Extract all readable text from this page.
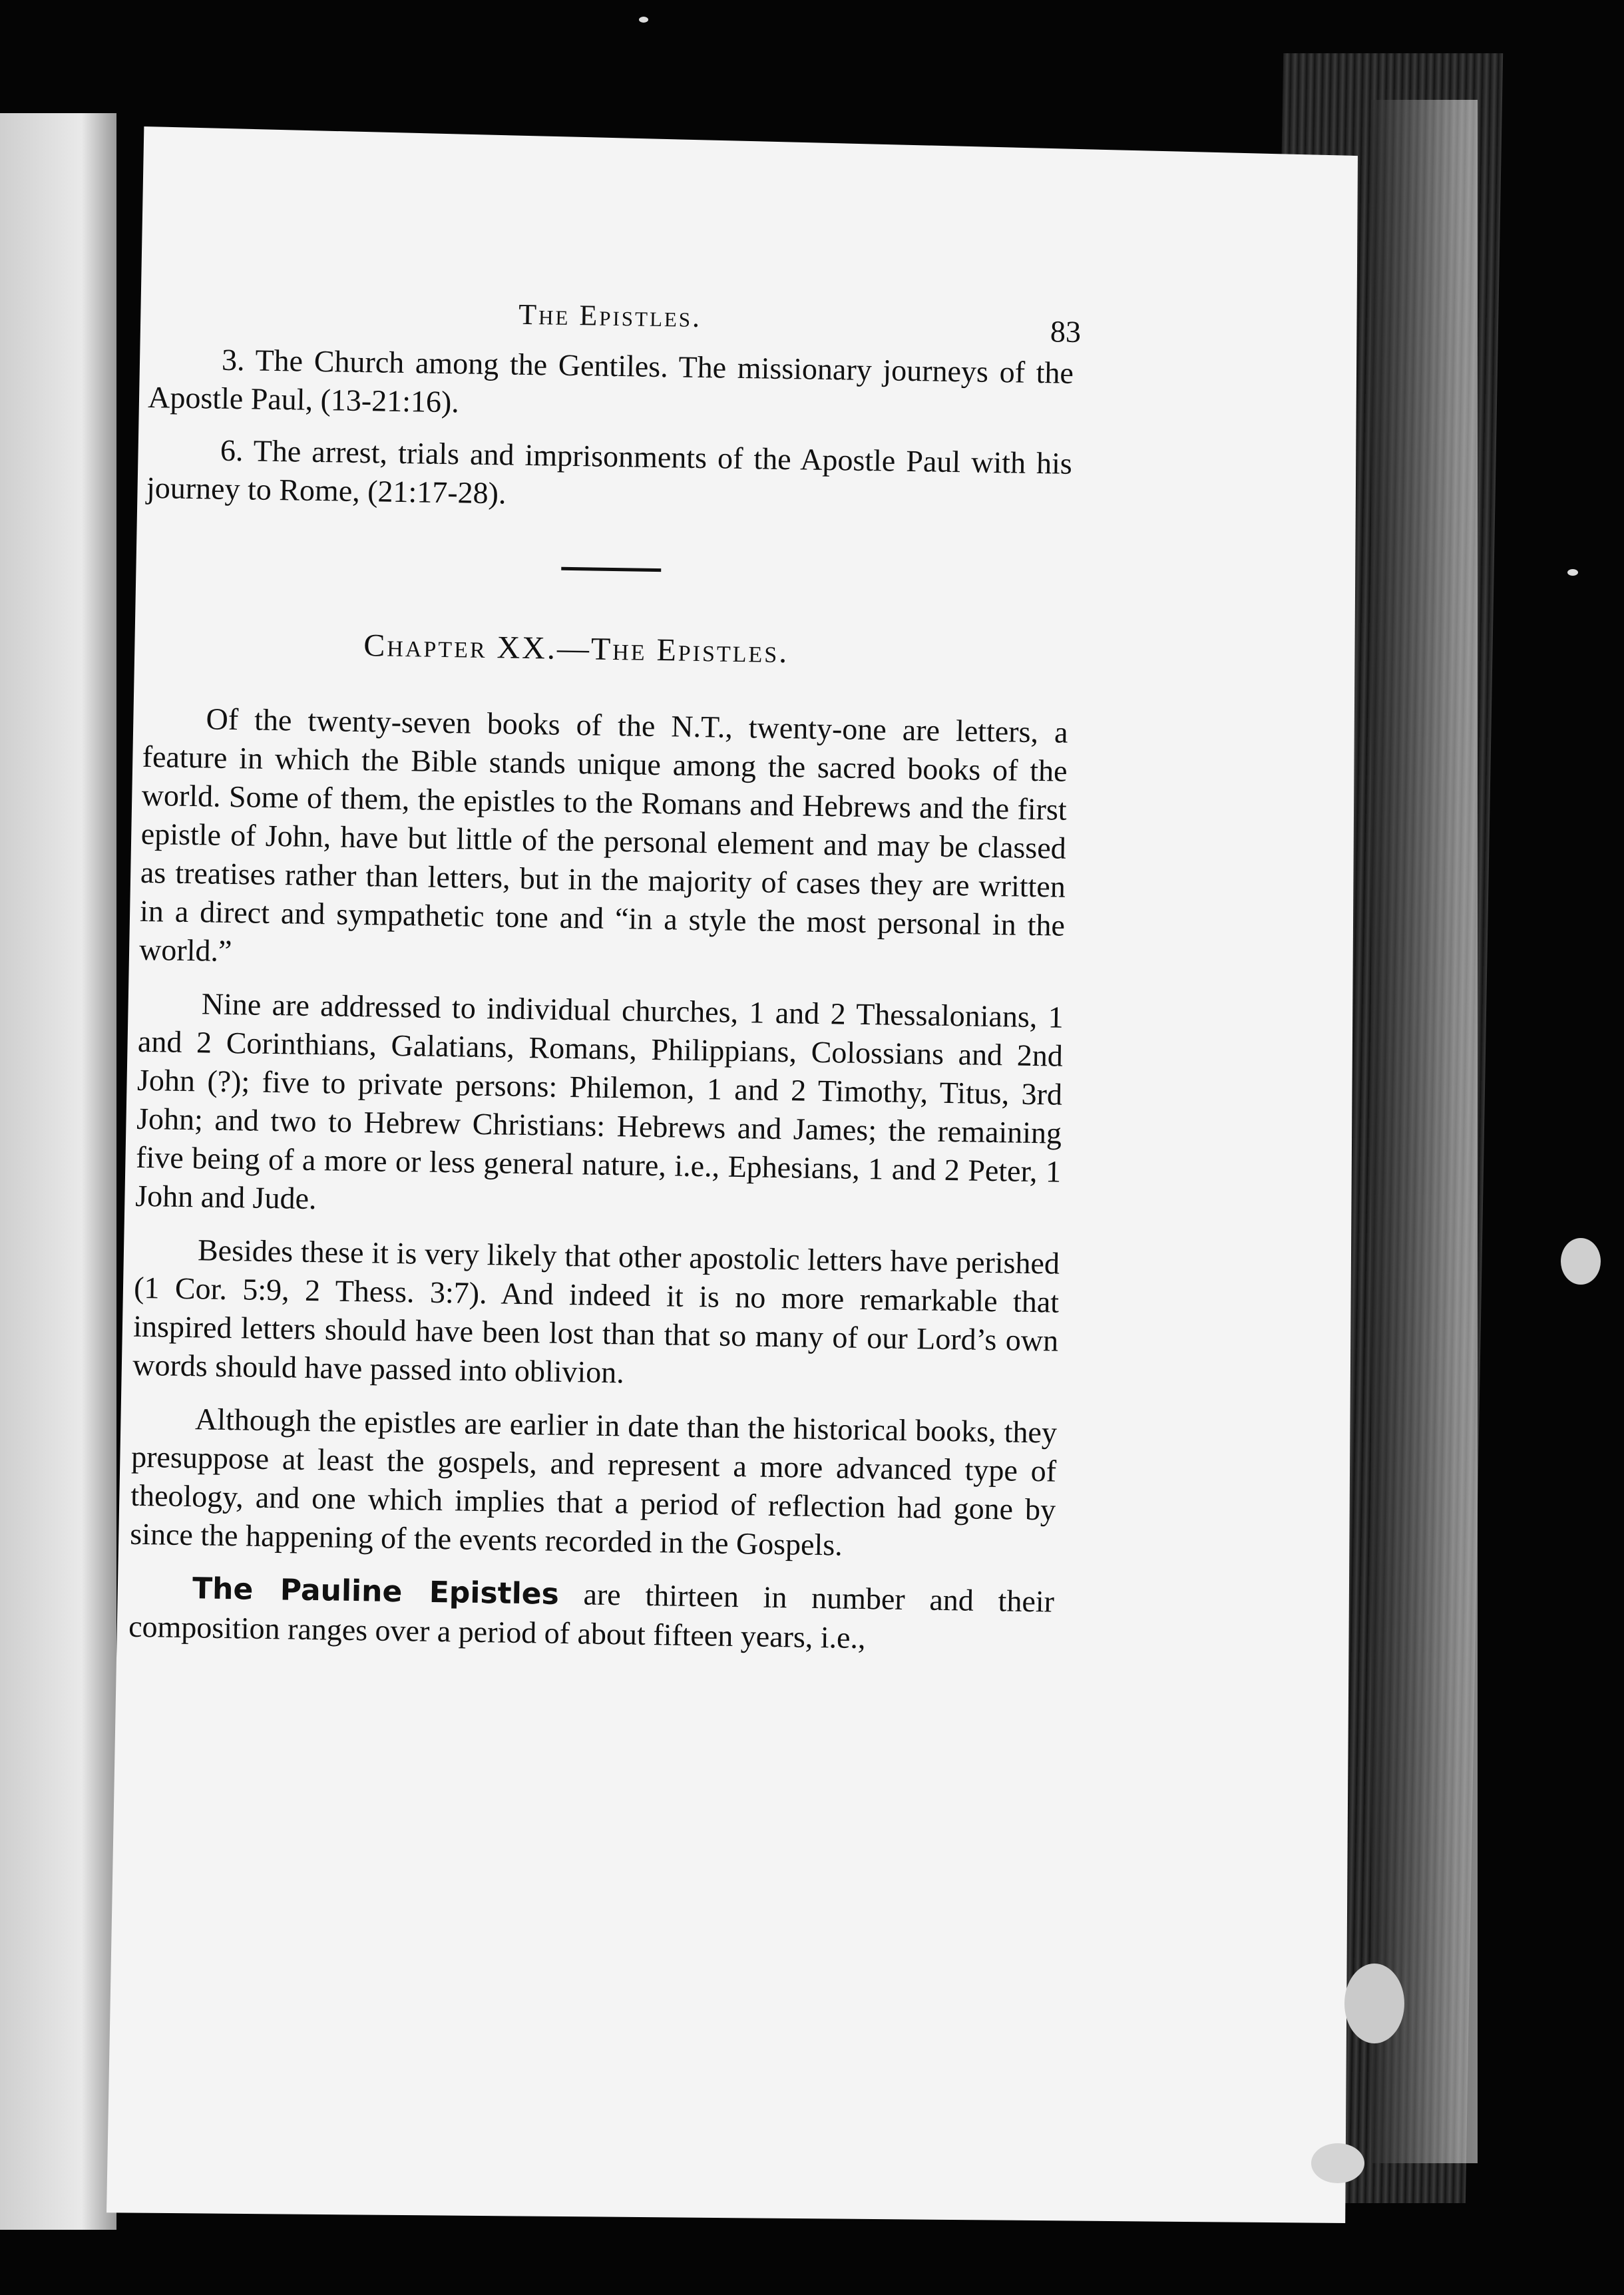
The Epistles.	83

3. The Church among the Gentiles. The missionary journeys of the Apostle Paul, (13-21:16).

6. The arrest, trials and imprisonments of the Apostle Paul with his journey to Rome, (21:17-28).

Chapter XX.—The Epistles.

Of the twenty-seven books of the N.T., twenty-one are letters, a feature in which the Bible stands unique among the sacred books of the world. Some of them, the epistles to the Romans and Hebrews and the first epistle of John, have but little of the personal element and may be classed as treatises rather than letters, but in the majority of cases they are written in a direct and sympathetic tone and “in a style the most personal in the world.”

Nine are addressed to individual churches, 1 and 2 Thessalonians, 1 and 2 Corinthians, Galatians, Romans, Philippians, Colossians and 2nd John (?); five to private persons: Philemon, 1 and 2 Timothy, Titus, 3rd John; and two to Hebrew Christians: Hebrews and James; the remaining five being of a more or less general nature, i.e., Ephesians, 1 and 2 Peter, 1 John and Jude.

Besides these it is very likely that other apostolic letters have perished (1 Cor. 5:9, 2 Thess. 3:7). And indeed it is no more remarkable that inspired letters should have been lost than that so many of our Lord’s own words should have passed into oblivion.

Although the epistles are earlier in date than the historical books, they presuppose at least the gospels, and represent a more advanced type of theology, and one which implies that a period of reflection had gone by since the happening of the events recorded in the Gospels.

The Pauline Epistles are thirteen in number and their composition ranges over a period of about fifteen years, i.e.,
